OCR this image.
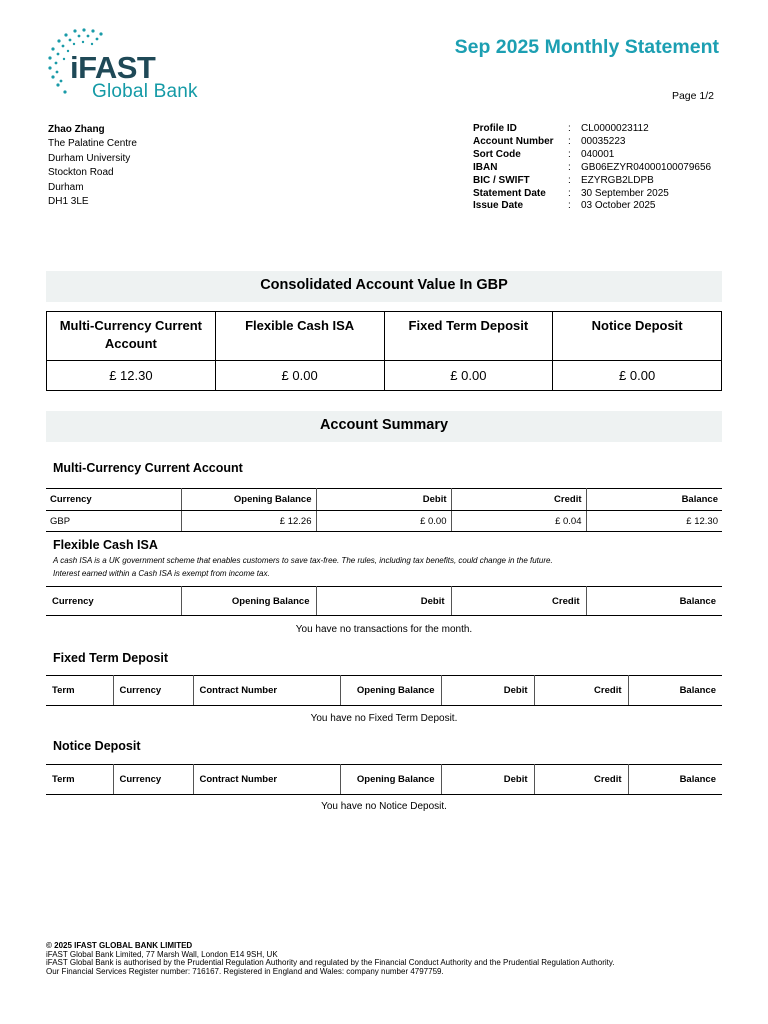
iFAST
Global Bank
Sep 2025 Monthly Statement
Page 1/2
Zhao Zhang
The Palatine Centre
Durham University
Stockton Road
Durham
DH1 3LE
Profile ID	:	CL0000023112
Account Number	:	00035223
Sort Code	:	040001
IBAN	:	GB06EZYR04000100079656
BIC / SWIFT	:	EZYRGB2LDPB
Statement Date	:	30 September 2025
Issue Date	:	03 October 2025
Consolidated Account Value In GBP
Multi-Currency Current Account	Flexible Cash ISA	Fixed Term Deposit	Notice Deposit
£ 12.30	£ 0.00	£ 0.00	£ 0.00
Account Summary
Multi-Currency Current Account
Currency	Opening Balance	Debit	Credit	Balance
GBP	£ 12.26	£ 0.00	£ 0.04	£ 12.30
Flexible Cash ISA
A cash ISA is a UK government scheme that enables customers to save tax-free. The rules, including tax benefits, could change in the future.
Interest earned within a Cash ISA is exempt from income tax.
Currency	Opening Balance	Debit	Credit	Balance
You have no transactions for the month.
Fixed Term Deposit
Term	Currency	Contract Number	Opening Balance	Debit	Credit	Balance
You have no Fixed Term Deposit.
Notice Deposit
Term	Currency	Contract Number	Opening Balance	Debit	Credit	Balance
You have no Notice Deposit.
© 2025 IFAST GLOBAL BANK LIMITED
iFAST Global Bank Limited, 77 Marsh Wall, London E14 9SH, UK
iFAST Global Bank is authorised by the Prudential Regulation Authority and regulated by the Financial Conduct Authority and the Prudential Regulation Authority.
Our Financial Services Register number: 716167. Registered in England and Wales: company number 4797759.
